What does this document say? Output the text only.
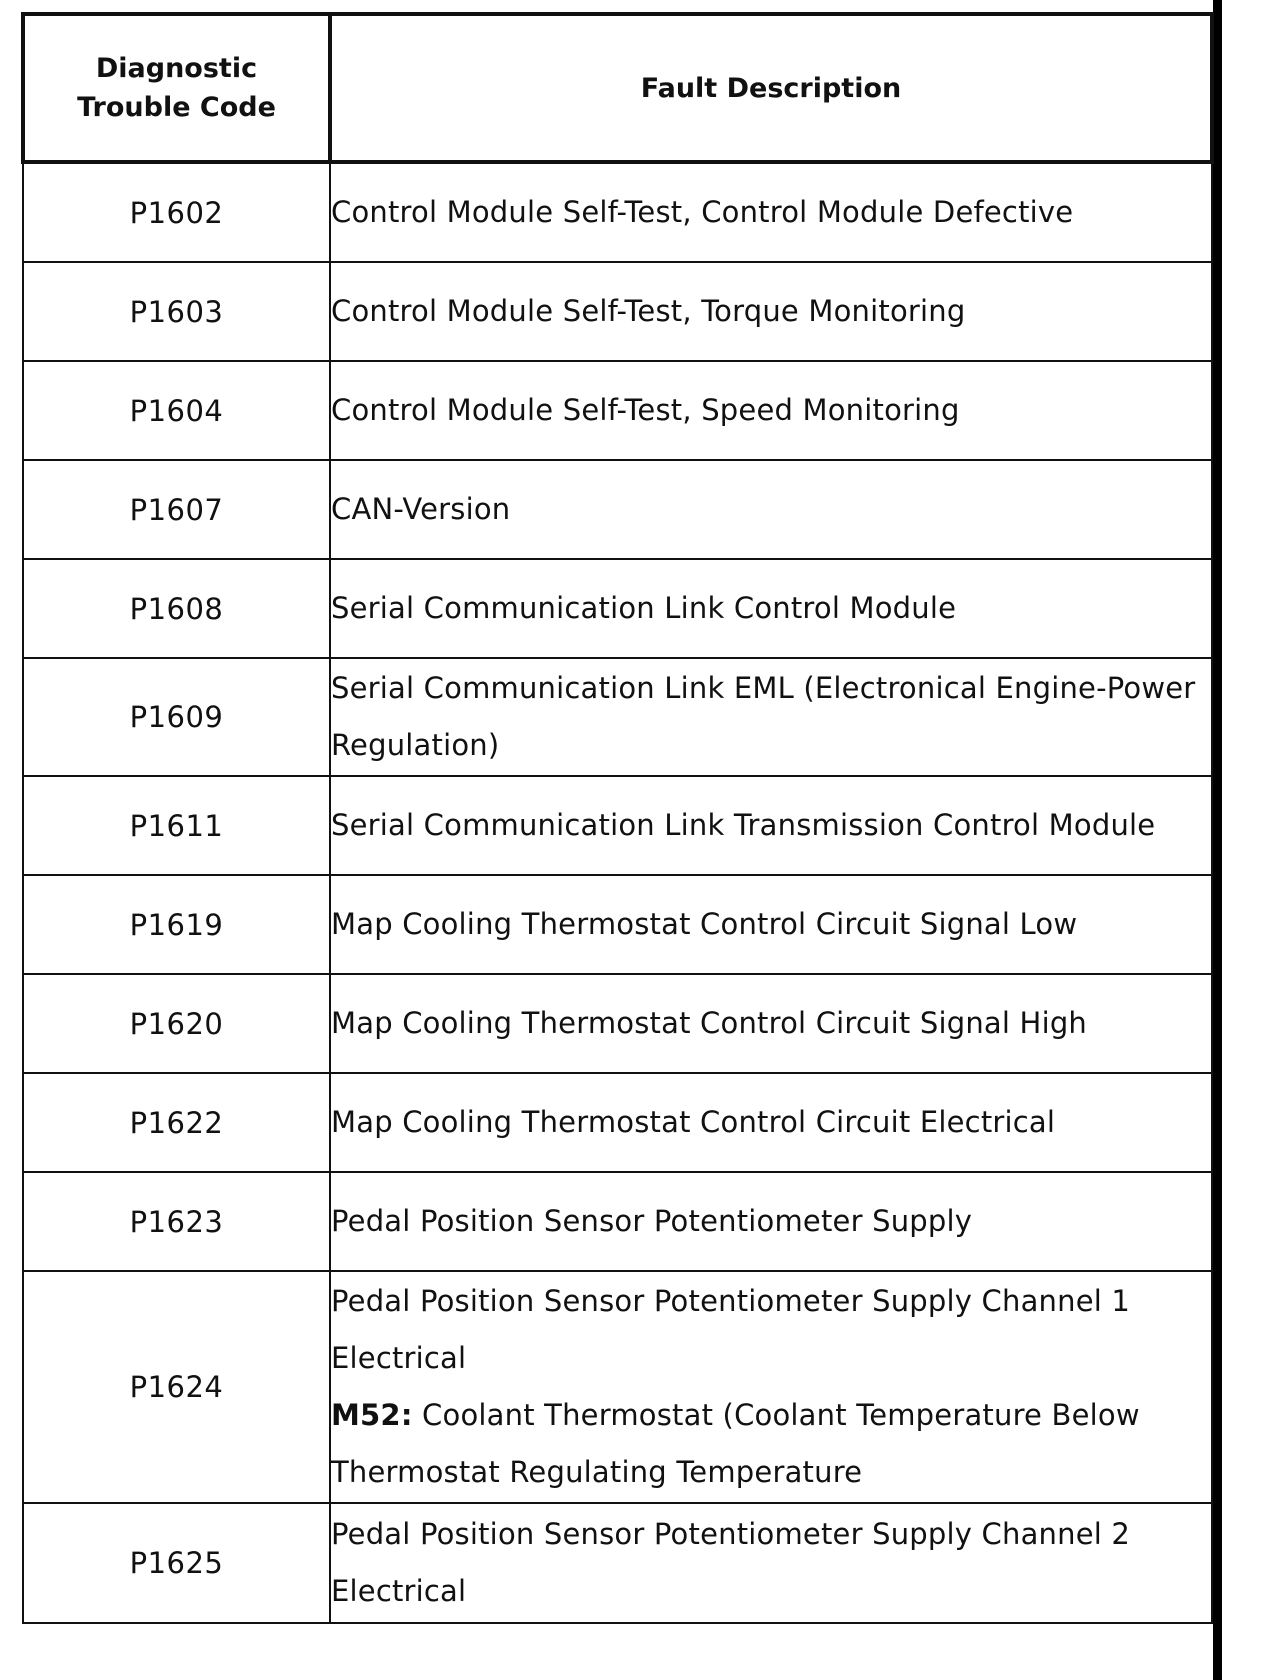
Diagnostic Trouble Code	Fault Description
P1602	Control Module Self-Test, Control Module Defective
P1603	Control Module Self-Test, Torque Monitoring
P1604	Control Module Self-Test, Speed Monitoring
P1607	CAN-Version
P1608	Serial Communication Link Control Module
P1609	Serial Communication Link EML (Electronical Engine-Power Regulation)
P1611	Serial Communication Link Transmission Control Module
P1619	Map Cooling Thermostat Control Circuit Signal Low
P1620	Map Cooling Thermostat Control Circuit Signal High
P1622	Map Cooling Thermostat Control Circuit Electrical
P1623	Pedal Position Sensor Potentiometer Supply
P1624	Pedal Position Sensor Potentiometer Supply Channel 1 Electrical
M52: Coolant Thermostat (Coolant Temperature Below Thermostat Regulating Temperature

P1625	Pedal Position Sensor Potentiometer Supply Channel 2 Electrical
